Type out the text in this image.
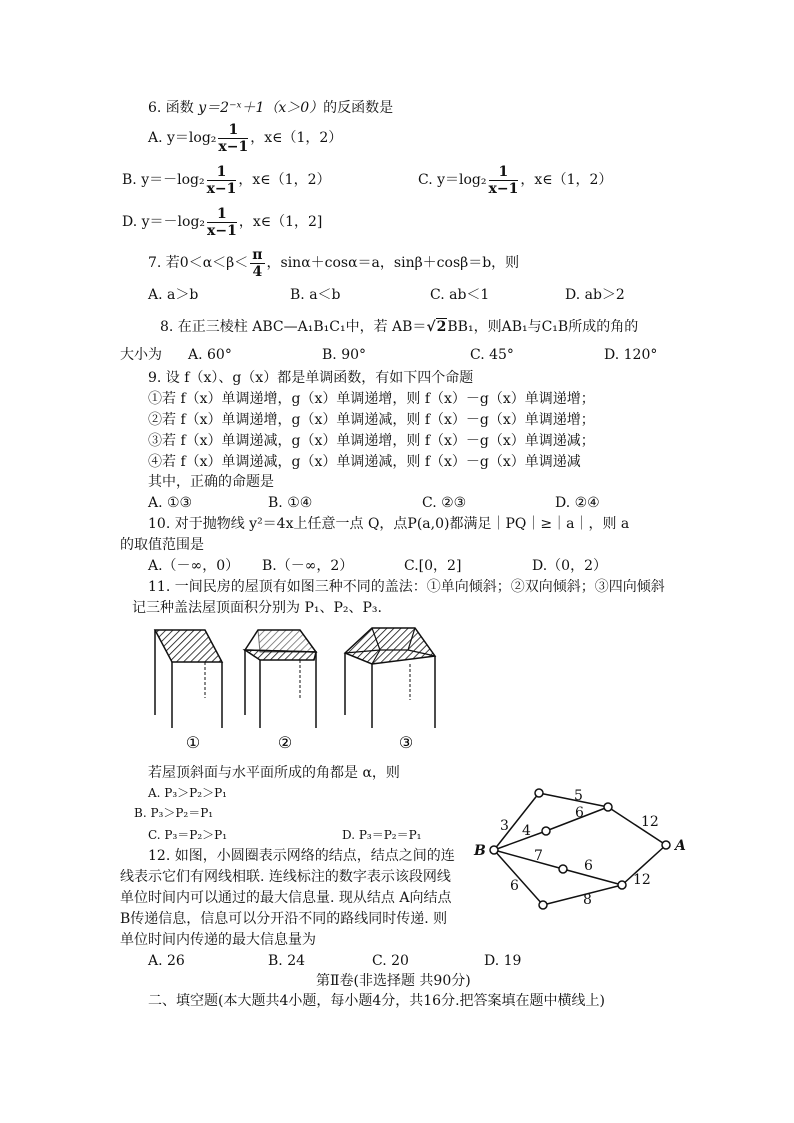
6. 函数 y＝2⁻ˣ＋1（x＞0）的反函数是
A. $y=\log_2 \frac{1}{x-1}$ ，x∈（1，2）
B. $y=-\log_2 \frac{1}{x-1}$ ，x∈（1，2）	C. $y=\log_2 \frac{1}{x-1}$ ，x∈（1，2）
D. $y=-\log_2 \frac{1}{x-1}$ ，x∈（1，2]
7. 若$0<\alpha<\beta< \frac{\pi}{4}$ ，sinα＋cosα＝a，sinβ＋cosβ＝b，则
A. a＞b	B. a＜b	C. ab＜1	D. ab＞2
8. 在正三棱柱 ABC—A₁B₁C₁中，若 AB＝√2BB₁，则AB₁与C₁B所成的角的
大小为 A. 60°	B. 90°	C. 45°	D. 120°
9. 设 f（x）、g（x）都是单调函数，有如下四个命题
①若 f（x）单调递增，g（x）单调递增，则 f（x）－g（x）单调递增；
②若 f（x）单调递增，g（x）单调递减，则 f（x）－g（x）单调递增；
③若 f（x）单调递减，g（x）单调递增，则 f（x）－g（x）单调递减；
④若 f（x）单调递减，g（x）单调递减，则 f（x）－g（x）单调递减
其中，正确的命题是
A. ①③	B. ①④	C. ②③	D. ②④
10. 对于抛物线 y²＝4x上任意一点 Q，点P(a,0)都满足｜PQ｜≥｜a｜，则 a
的取值范围是
A.（－∞，0） B.（－∞，2）	C.[0，2]	D.（0，2）
11. 一间民房的屋顶有如图三种不同的盖法：①单向倾斜；②双向倾斜；③四向倾斜
记三种盖法屋顶面积分别为 P₁、P₂、P₃.
①	②	③
若屋顶斜面与水平面所成的角都是 α，则
A. P₃＞P₂＞P₁
B. P₃＞P₂＝P₁
C. P₃＝P₂＞P₁	D. P₃＝P₂＝P₁
B	A
3
5
12
4
6
7
6
12
6
8
12. 如图，小圆圈表示网络的结点，结点之间的连
线表示它们有网线相联. 连线标注的数字表示该段网线
单位时间内可以通过的最大信息量. 现从结点 A向结点
B传递信息，信息可以分开沿不同的路线同时传递. 则
单位时间内传递的最大信息量为
A. 26	B. 24	C. 20	D. 19
第Ⅱ卷(非选择题 共90分)
二、填空题(本大题共4小题，每小题4分，共16分.把答案填在题中横线上)
